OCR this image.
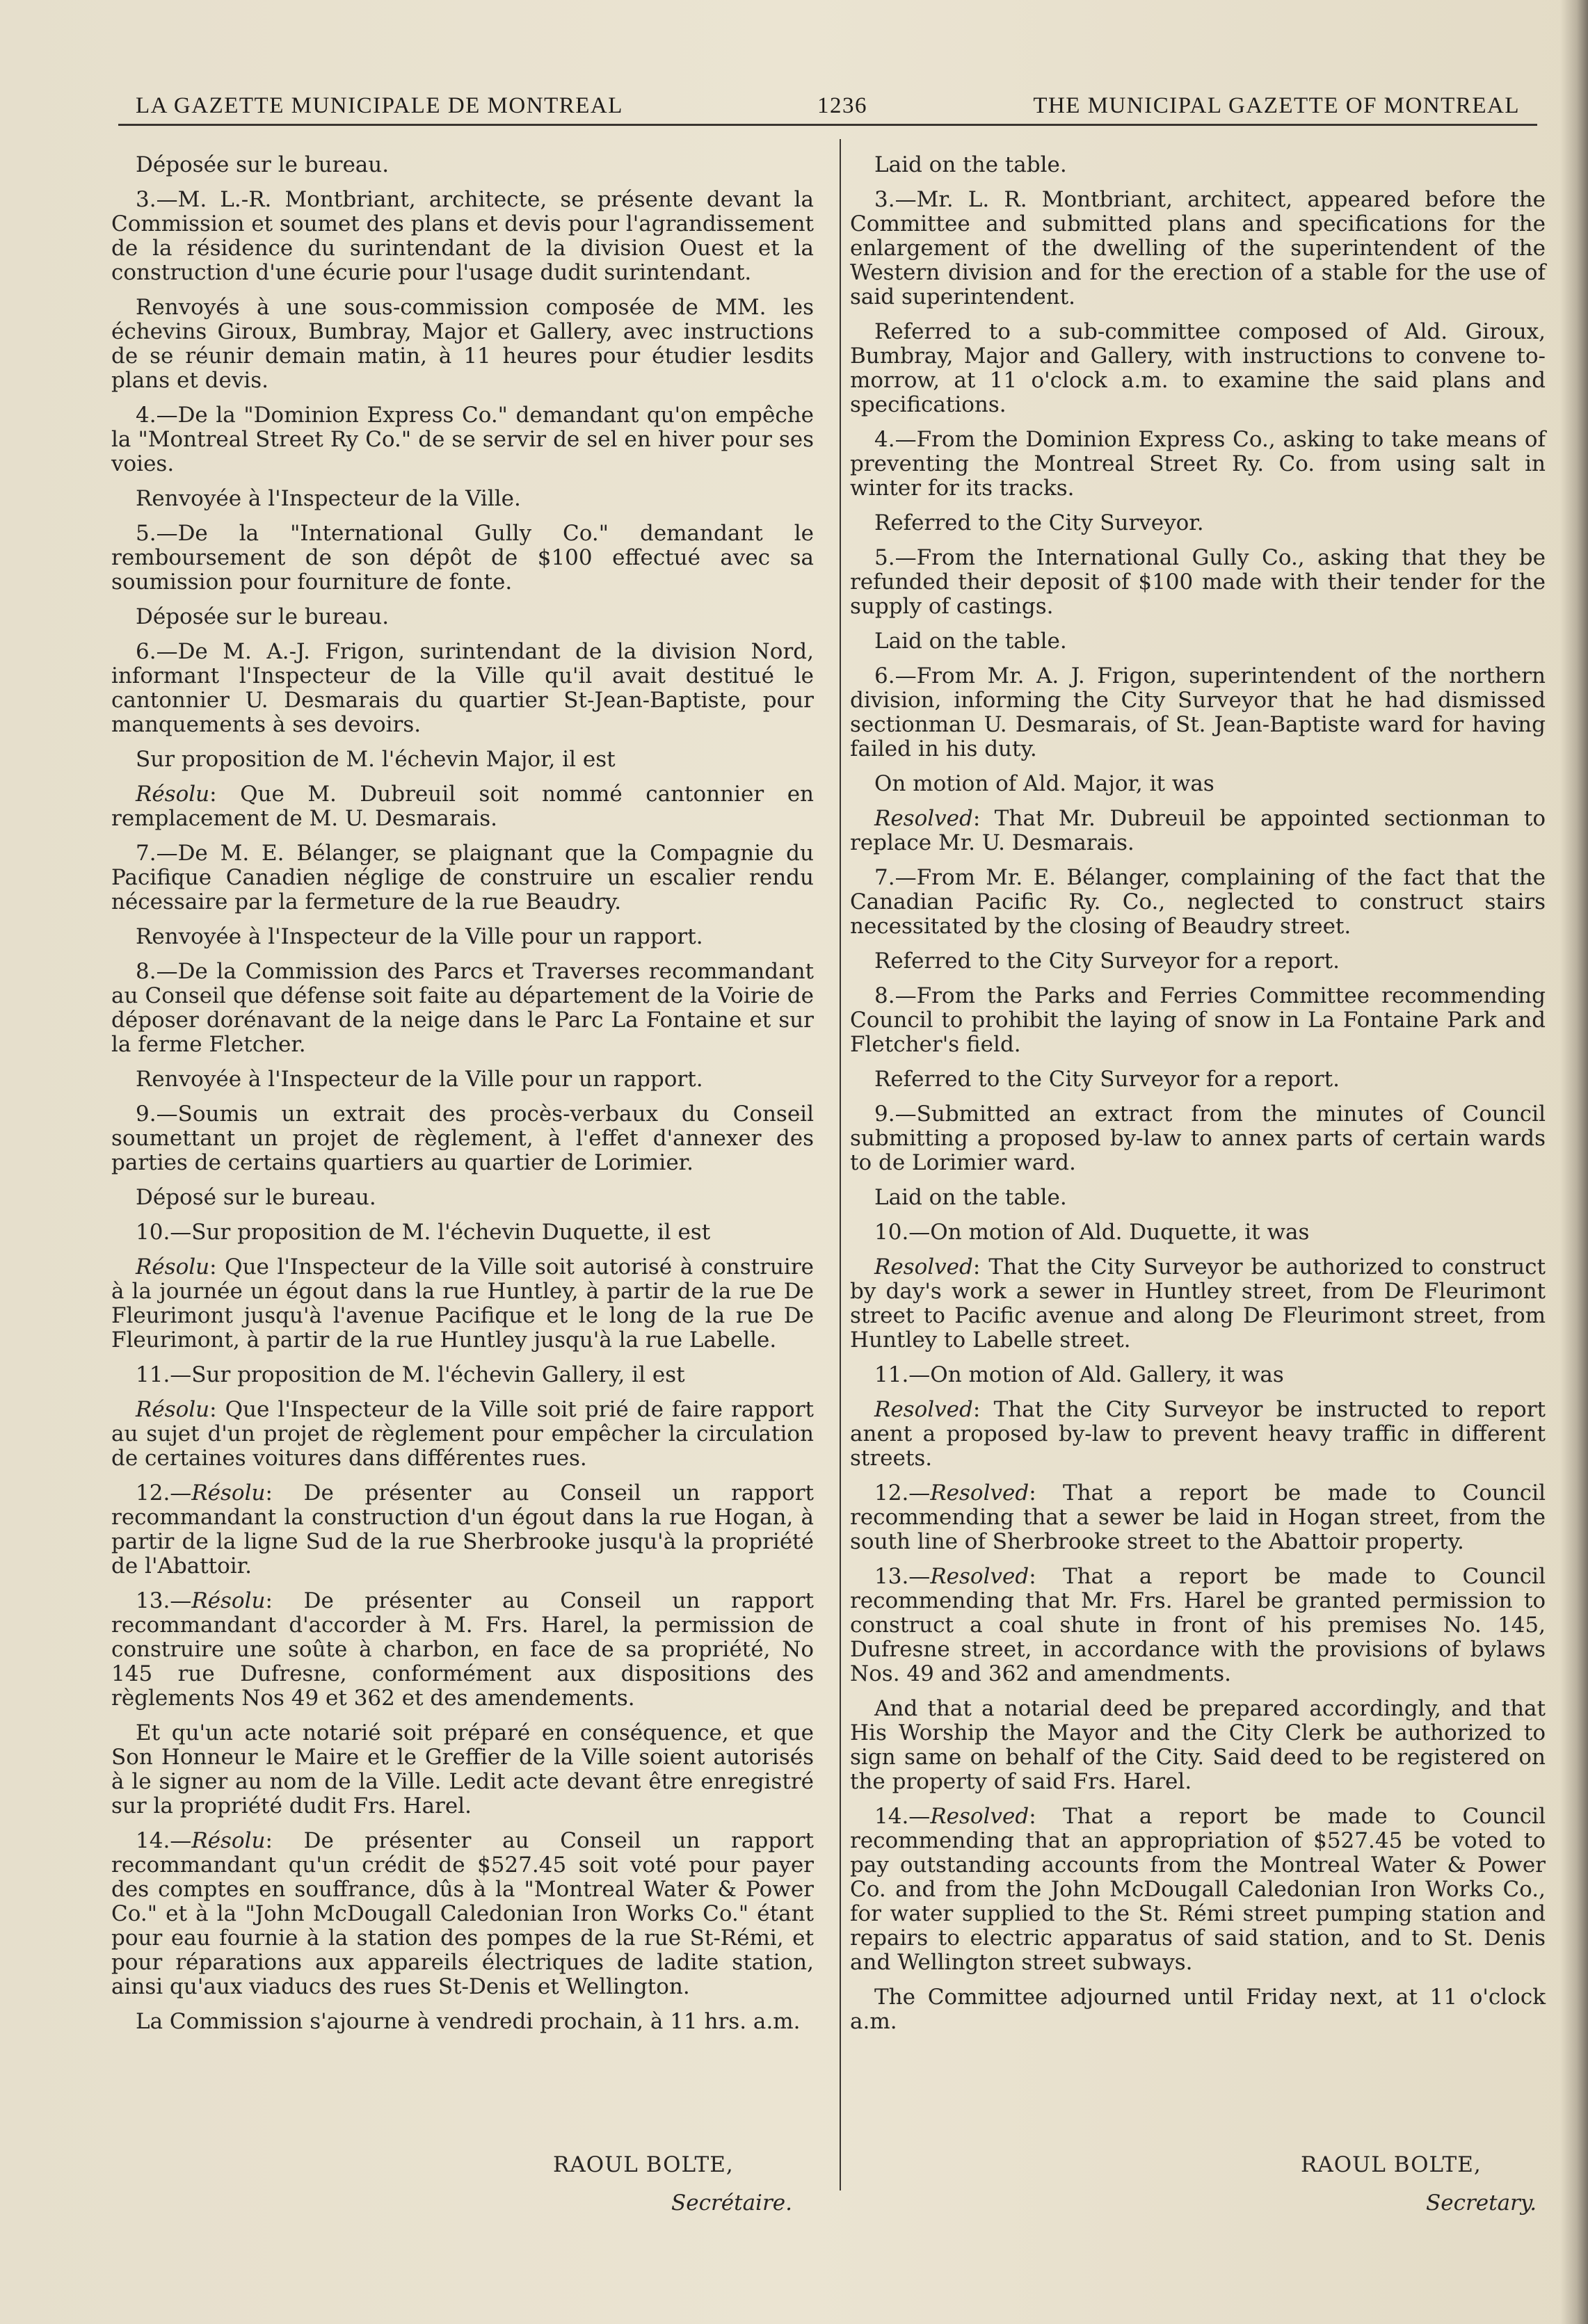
LA GAZETTE MUNICIPALE DE MONTREAL	1236	THE MUNICIPAL GAZETTE OF MONTREAL

Déposée sur le bureau.

3.—M. L.-R. Montbriant, architecte, se présente devant la Commission et soumet des plans et devis pour l'agrandissement de la résidence du surintendant de la division Ouest et la construction d'une écurie pour l'usage dudit surintendant.

Renvoyés à une sous-commission composée de MM. les échevins Giroux, Bumbray, Major et Gallery, avec instructions de se réunir demain matin, à 11 heures pour étudier lesdits plans et devis.

4.—De la "Dominion Express Co." demandant qu'on empêche la "Montreal Street Ry Co." de se servir de sel en hiver pour ses voies.

Renvoyée à l'Inspecteur de la Ville.

5.—De la "International Gully Co." demandant le remboursement de son dépôt de $100 effectué avec sa soumission pour fourniture de fonte.

Déposée sur le bureau.

6.—De M. A.-J. Frigon, surintendant de la division Nord, informant l'Inspecteur de la Ville qu'il avait destitué le cantonnier U. Desmarais du quartier St-Jean-Baptiste, pour manquements à ses devoirs.

Sur proposition de M. l'échevin Major, il est

Résolu: Que M. Dubreuil soit nommé cantonnier en remplacement de M. U. Desmarais.

7.—De M. E. Bélanger, se plaignant que la Compagnie du Pacifique Canadien néglige de construire un escalier rendu nécessaire par la fermeture de la rue Beaudry.

Renvoyée à l'Inspecteur de la Ville pour un rapport.

8.—De la Commission des Parcs et Traverses recommandant au Conseil que défense soit faite au département de la Voirie de déposer dorénavant de la neige dans le Parc La Fontaine et sur la ferme Fletcher.

Renvoyée à l'Inspecteur de la Ville pour un rapport.

9.—Soumis un extrait des procès-verbaux du Conseil soumettant un projet de règlement, à l'effet d'annexer des parties de certains quartiers au quartier de Lorimier.

Déposé sur le bureau.

10.—Sur proposition de M. l'échevin Duquette, il est

Résolu: Que l'Inspecteur de la Ville soit autorisé à construire à la journée un égout dans la rue Huntley, à partir de la rue De Fleurimont jusqu'à l'avenue Pacifique et le long de la rue De Fleurimont, à partir de la rue Huntley jusqu'à la rue Labelle.

11.—Sur proposition de M. l'échevin Gallery, il est

Résolu: Que l'Inspecteur de la Ville soit prié de faire rapport au sujet d'un projet de règlement pour empêcher la circulation de certaines voitures dans différentes rues.

12.—Résolu: De présenter au Conseil un rapport recommandant la construction d'un égout dans la rue Hogan, à partir de la ligne Sud de la rue Sherbrooke jusqu'à la propriété de l'Abattoir.

13.—Résolu: De présenter au Conseil un rapport recommandant d'accorder à M. Frs. Harel, la permission de construire une soûte à charbon, en face de sa propriété, No 145 rue Dufresne, conformément aux dispositions des règlements Nos 49 et 362 et des amendements.

Et qu'un acte notarié soit préparé en conséquence, et que Son Honneur le Maire et le Greffier de la Ville soient autorisés à le signer au nom de la Ville. Ledit acte devant être enregistré sur la propriété dudit Frs. Harel.

14.—Résolu: De présenter au Conseil un rapport recommandant qu'un crédit de $527.45 soit voté pour payer des comptes en souffrance, dûs à la "Montreal Water & Power Co." et à la "John McDougall Caledonian Iron Works Co." étant pour eau fournie à la station des pompes de la rue St-Rémi, et pour réparations aux appareils électriques de ladite station, ainsi qu'aux viaducs des rues St-Denis et Wellington.

La Commission s'ajourne à vendredi prochain, à 11 hrs. a.m.

Laid on the table.

3.—Mr. L. R. Montbriant, architect, appeared before the Committee and submitted plans and specifications for the enlargement of the dwelling of the superintendent of the Western division and for the erection of a stable for the use of said superintendent.

Referred to a sub-committee composed of Ald. Giroux, Bumbray, Major and Gallery, with instructions to convene to-morrow, at 11 o'clock a.m. to examine the said plans and specifications.

4.—From the Dominion Express Co., asking to take means of preventing the Montreal Street Ry. Co. from using salt in winter for its tracks.

Referred to the City Surveyor.

5.—From the International Gully Co., asking that they be refunded their deposit of $100 made with their tender for the supply of castings.

Laid on the table.

6.—From Mr. A. J. Frigon, superintendent of the northern division, informing the City Surveyor that he had dismissed sectionman U. Desmarais, of St. Jean-Baptiste ward for having failed in his duty.

On motion of Ald. Major, it was

Resolved: That Mr. Dubreuil be appointed sectionman to replace Mr. U. Desmarais.

7.—From Mr. E. Bélanger, complaining of the fact that the Canadian Pacific Ry. Co., neglected to construct stairs necessitated by the closing of Beaudry street.

Referred to the City Surveyor for a report.

8.—From the Parks and Ferries Committee recommending Council to prohibit the laying of snow in La Fontaine Park and Fletcher's field.

Referred to the City Surveyor for a report.

9.—Submitted an extract from the minutes of Council submitting a proposed by-law to annex parts of certain wards to de Lorimier ward.

Laid on the table.

10.—On motion of Ald. Duquette, it was

Resolved: That the City Surveyor be authorized to construct by day's work a sewer in Huntley street, from De Fleurimont street to Pacific avenue and along De Fleurimont street, from Huntley to Labelle street.

11.—On motion of Ald. Gallery, it was

Resolved: That the City Surveyor be instructed to report anent a proposed by-law to prevent heavy traffic in different streets.

12.—Resolved: That a report be made to Council recommending that a sewer be laid in Hogan street, from the south line of Sherbrooke street to the Abattoir property.

13.—Resolved: That a report be made to Council recommending that Mr. Frs. Harel be granted permission to construct a coal shute in front of his premises No. 145, Dufresne street, in accordance with the provisions of bylaws Nos. 49 and 362 and amendments.

And that a notarial deed be prepared accordingly, and that His Worship the Mayor and the City Clerk be authorized to sign same on behalf of the City. Said deed to be registered on the property of said Frs. Harel.

14.—Resolved: That a report be made to Council recommending that an appropriation of $527.45 be voted to pay outstanding accounts from the Montreal Water & Power Co. and from the John McDougall Caledonian Iron Works Co., for water supplied to the St. Rémi street pumping station and repairs to electric apparatus of said station, and to St. Denis and Wellington street subways.

The Committee adjourned until Friday next, at 11 o'clock a.m.

RAOUL BOLTE,
Secrétaire.
RAOUL BOLTE,
Secretary.
